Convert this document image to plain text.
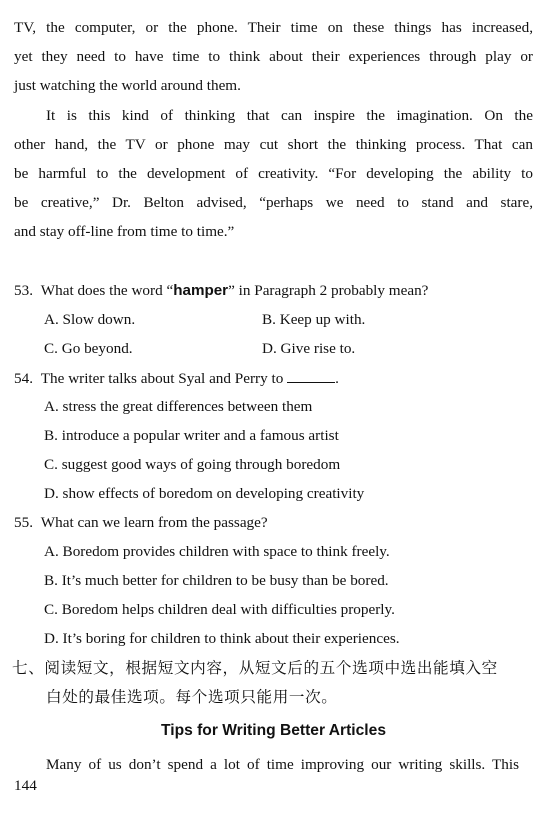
TV, the computer, or the phone. Their time on these things has increased,
yet they need to have time to think about their experiences through play or
just watching the world around them.
It is this kind of thinking that can inspire the imagination. On the
other hand, the TV or phone may cut short the thinking process. That can
be harmful to the development of creativity. “For developing the ability to
be creative,” Dr. Belton advised, “perhaps we need to stand and stare,
and stay off-line from time to time.”
53. What does the word “hamper” in Paragraph 2 probably mean?
A. Slow down.	B. Keep up with.
C. Go beyond.	D. Give rise to.
54. The writer talks about Syal and Perry to	.
A. stress the great differences between them
B. introduce a popular writer and a famous artist
C. suggest good ways of going through boredom
D. show effects of boredom on developing creativity
55. What can we learn from the passage?
A. Boredom provides children with space to think freely.
B. It’s much better for children to be busy than be bored.
C. Boredom helps children deal with difficulties properly.
D. It’s boring for children to think about their experiences.
七、阅读短文，根据短文内容，从短文后的五个选项中选出能填入空
白处的最佳选项。每个选项只能用一次。
Tips for Writing Better Articles
Many of us don’t spend a lot of time improving our writing skills. This
144
